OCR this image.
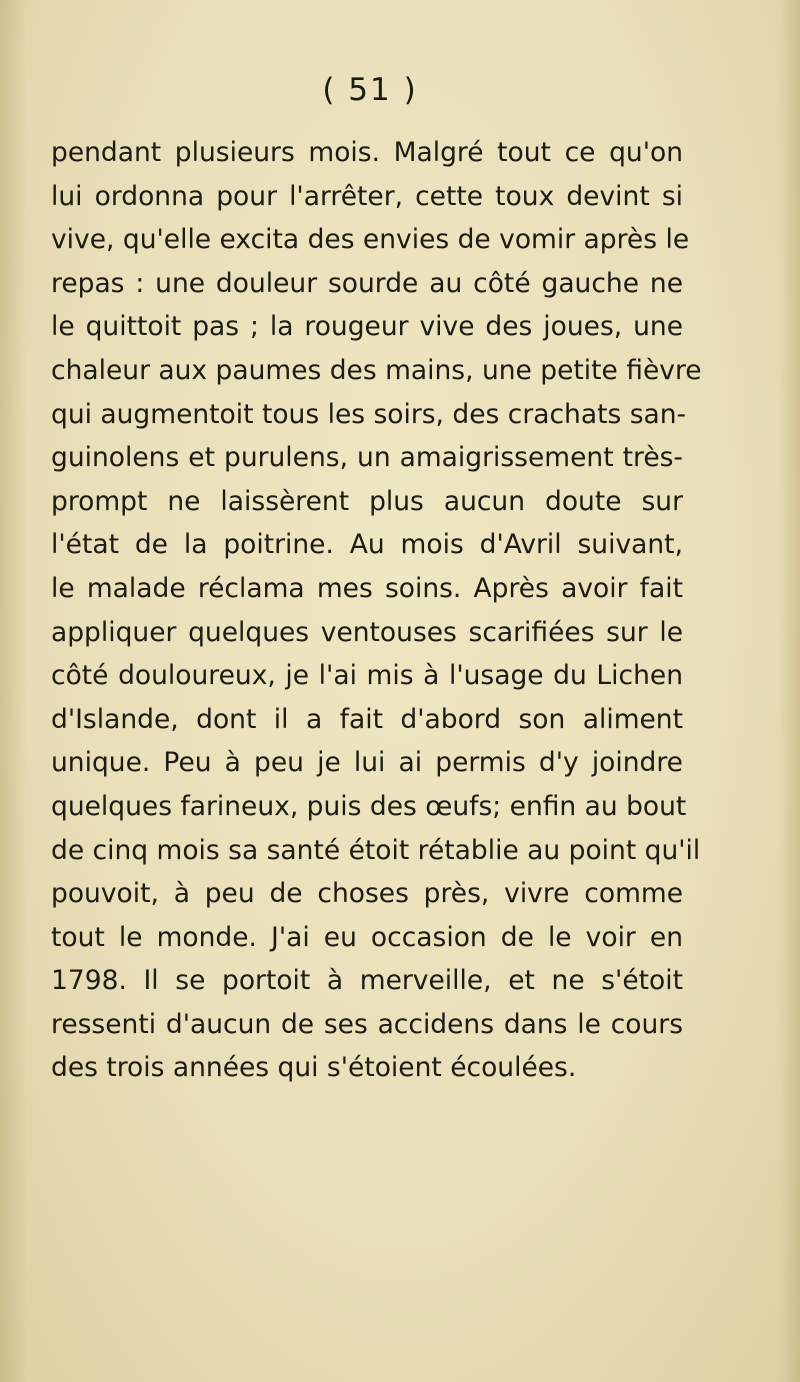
( 51 )
pendant plusieurs mois. Malgré tout ce qu'on
lui ordonna pour l'arrêter, cette toux devint si
vive, qu'elle excita des envies de vomir après le
repas : une douleur sourde au côté gauche ne
le quittoit pas ; la rougeur vive des joues, une
chaleur aux paumes des mains, une petite fièvre
qui augmentoit tous les soirs, des crachats san-
guinolens et purulens, un amaigrissement très-
prompt ne laissèrent plus aucun doute sur
l'état de la poitrine. Au mois d'Avril suivant,
le malade réclama mes soins. Après avoir fait
appliquer quelques ventouses scarifiées sur le
côté douloureux, je l'ai mis à l'usage du Lichen
d'Islande, dont il a fait d'abord son aliment
unique. Peu à peu je lui ai permis d'y joindre
quelques farineux, puis des œufs; enfin au bout
de cinq mois sa santé étoit rétablie au point qu'il
pouvoit, à peu de choses près, vivre comme
tout le monde. J'ai eu occasion de le voir en
1798. Il se portoit à merveille, et ne s'étoit
ressenti d'aucun de ses accidens dans le cours
des trois années qui s'étoient écoulées.
